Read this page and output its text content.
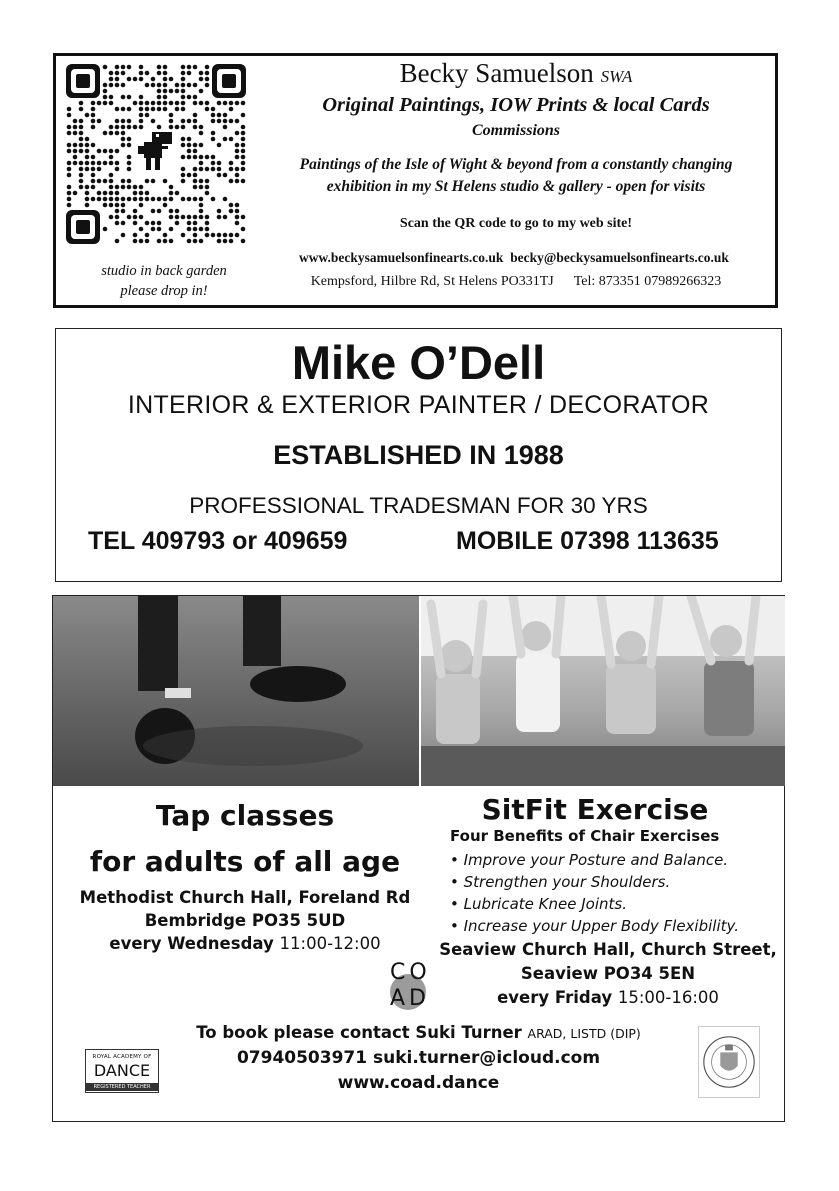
studio in back garden
please drop in!
Becky Samuelson SWA
Original Paintings, IOW Prints & local Cards
Commissions
Paintings of the Isle of Wight & beyond from a constantly changing
exhibition in my St Helens studio & gallery - open for visits
Scan the QR code to go to my web site!
www.beckysamuelsonfinearts.co.uk becky@beckysamuelsonfinearts.co.uk
Kempsford, Hilbre Rd, St Helens PO331TJ Tel: 873351 07989266323
Mike O’Dell
INTERIOR & EXTERIOR PAINTER / DECORATOR
ESTABLISHED IN 1988
PROFESSIONAL TRADESMAN FOR 30 YRS
TEL 409793 or 409659	MOBILE 07398 113635
Tap classes
for adults of all age
Methodist Church Hall, Foreland Rd
Bembridge PO35 5UD
every Wednesday 11:00-12:00
SitFit Exercise
Four Benefits of Chair Exercises
• Improve your Posture and Balance.
• Strengthen your Shoulders.
• Lubricate Knee Joints.
• Increase your Upper Body Flexibility.
Seaview Church Hall, Church Street,
Seaview PO34 5EN
every Friday 15:00-16:00
CO
AD
To book please contact Suki Turner ARAD, LISTD (DIP)
07940503971 suki.turner@icloud.com
www.coad.dance
ROYAL ACADEMY OF
DANCE
REGISTERED TEACHER
